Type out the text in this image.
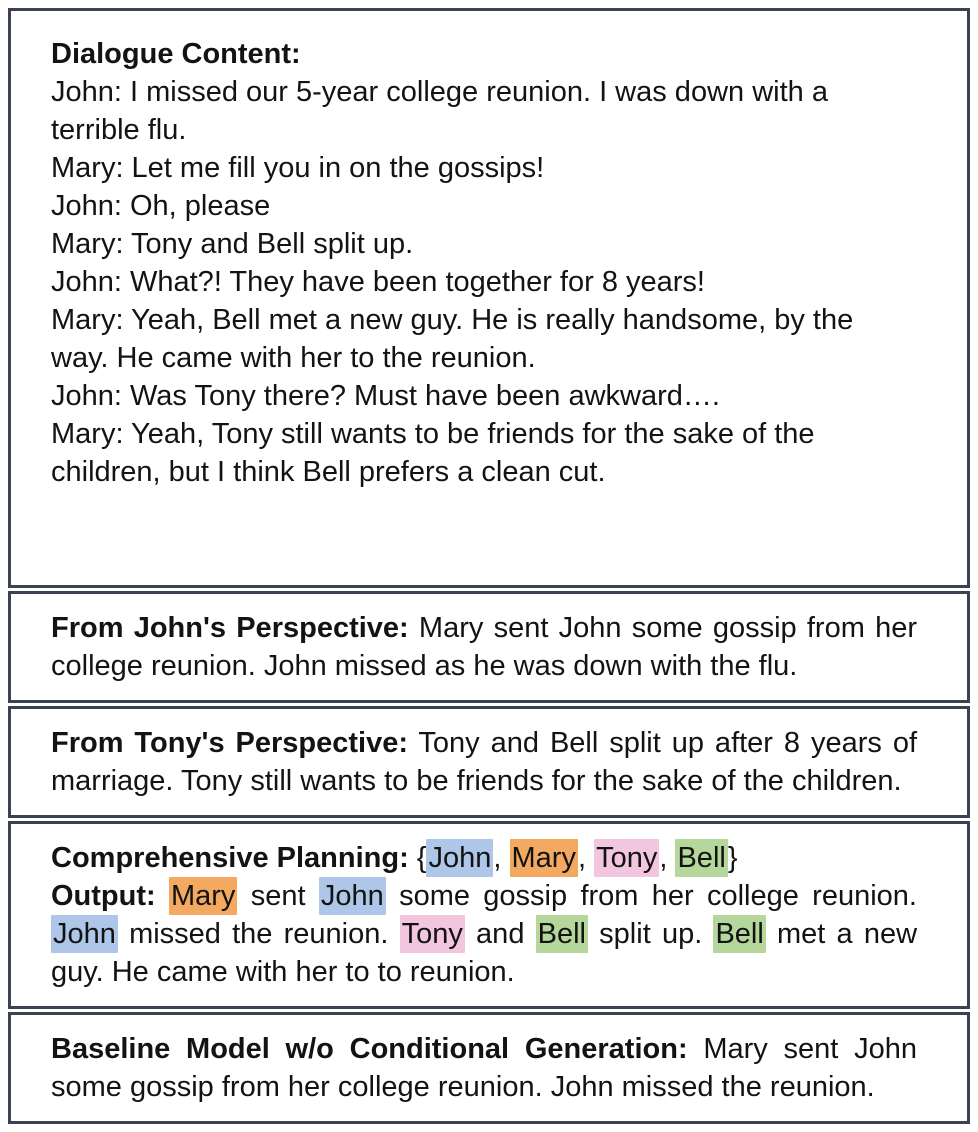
Dialogue Content:

John: I missed our 5-year college reunion. I was down with a terrible flu.

Mary: Let me fill you in on the gossips!

John: Oh, please

Mary: Tony and Bell split up.

John: What?! They have been together for 8 years!

Mary: Yeah, Bell met a new guy. He is really handsome, by the way. He came with her to the reunion.

John: Was Tony there? Must have been awkward….

Mary: Yeah, Tony still wants to be friends for the sake of the children, but I think Bell prefers a clean cut.

From John's Perspective: Mary sent John some gossip from her college reunion. John missed as he was down with the flu.

From Tony's Perspective: Tony and Bell split up after 8 years of marriage. Tony still wants to be friends for the sake of the children.

Comprehensive Planning: {John, Mary, Tony, Bell}

Output: Mary sent John some gossip from her college reunion. John missed the reunion. Tony and Bell split up. Bell met a new guy. He came with her to to reunion.

Baseline Model w/o Conditional Generation: Mary sent John some gossip from her college reunion. John missed the reunion.
